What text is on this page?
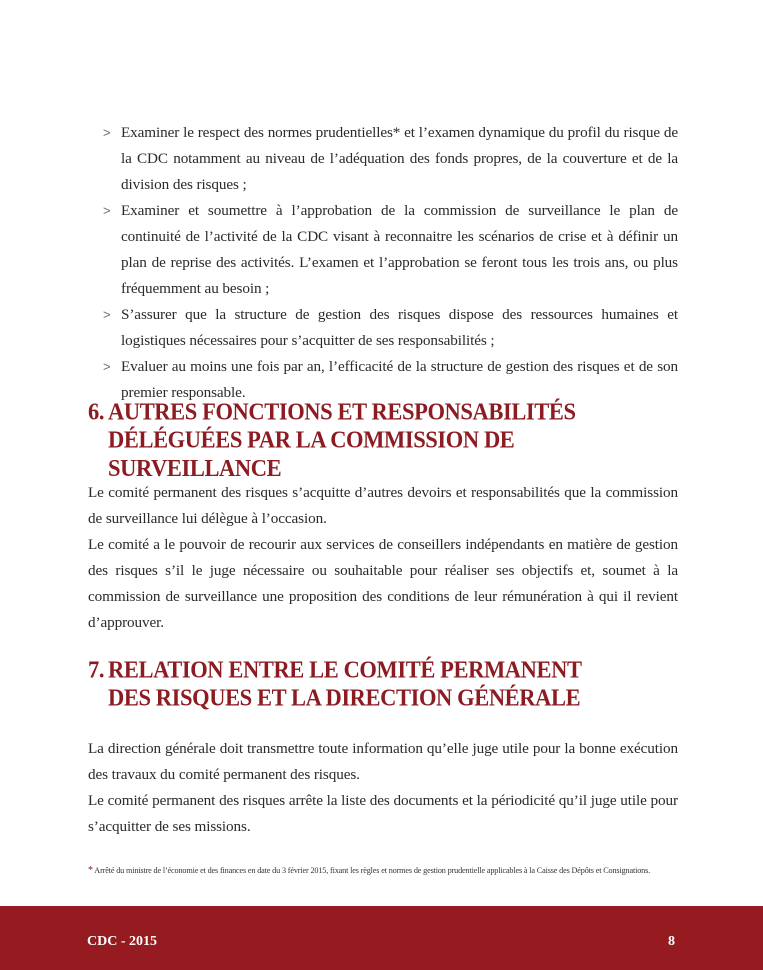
> Examiner le respect des normes prudentielles* et l’examen dynamique du profil du risque de la CDC notamment au niveau de l’adéquation des fonds propres, de la couverture et de la division des risques ;
> Examiner et soumettre à l’approbation de la commission de surveillance le plan de continuité de l’activité de la CDC visant à reconnaitre les scénarios de crise et à définir un plan de reprise des activités. L’examen et l’approbation se feront tous les trois ans, ou plus fréquemment au besoin ;
> S’assurer que la structure de gestion des risques dispose des ressources humaines et logistiques nécessaires pour s’acquitter de ses responsabilités ;
> Evaluer au moins une fois par an, l’efficacité de la structure de gestion des risques et de son premier responsable.
6. AUTRES FONCTIONS ET RESPONSABILITÉS
DÉLÉGUÉES PAR LA COMMISSION DE SURVEILLANCE

Le comité permanent des risques s’acquitte d’autres devoirs et responsabilités que la commission de surveillance lui délègue à l’occasion.

Le comité a le pouvoir de recourir aux services de conseillers indépendants en matière de gestion des risques s’il le juge nécessaire ou souhaitable pour réaliser ses objectifs et, soumet à la commission de surveillance une proposition des conditions de leur rémunération à qui il revient d’approuver.

7. RELATION ENTRE LE COMITÉ PERMANENT
DES RISQUES ET LA DIRECTION GÉNÉRALE

La direction générale doit transmettre toute information qu’elle juge utile pour la bonne exécution des travaux du comité permanent des risques.

Le comité permanent des risques arrête la liste des documents et la périodicité qu’il juge utile pour s’acquitter de ses missions.

* Arrêté du ministre de l’économie et des finances en date du 3 février 2015, fixant les règles et normes de gestion prudentielle applicables à la Caisse des Dépôts et Consignations.
CDC - 2015	8
